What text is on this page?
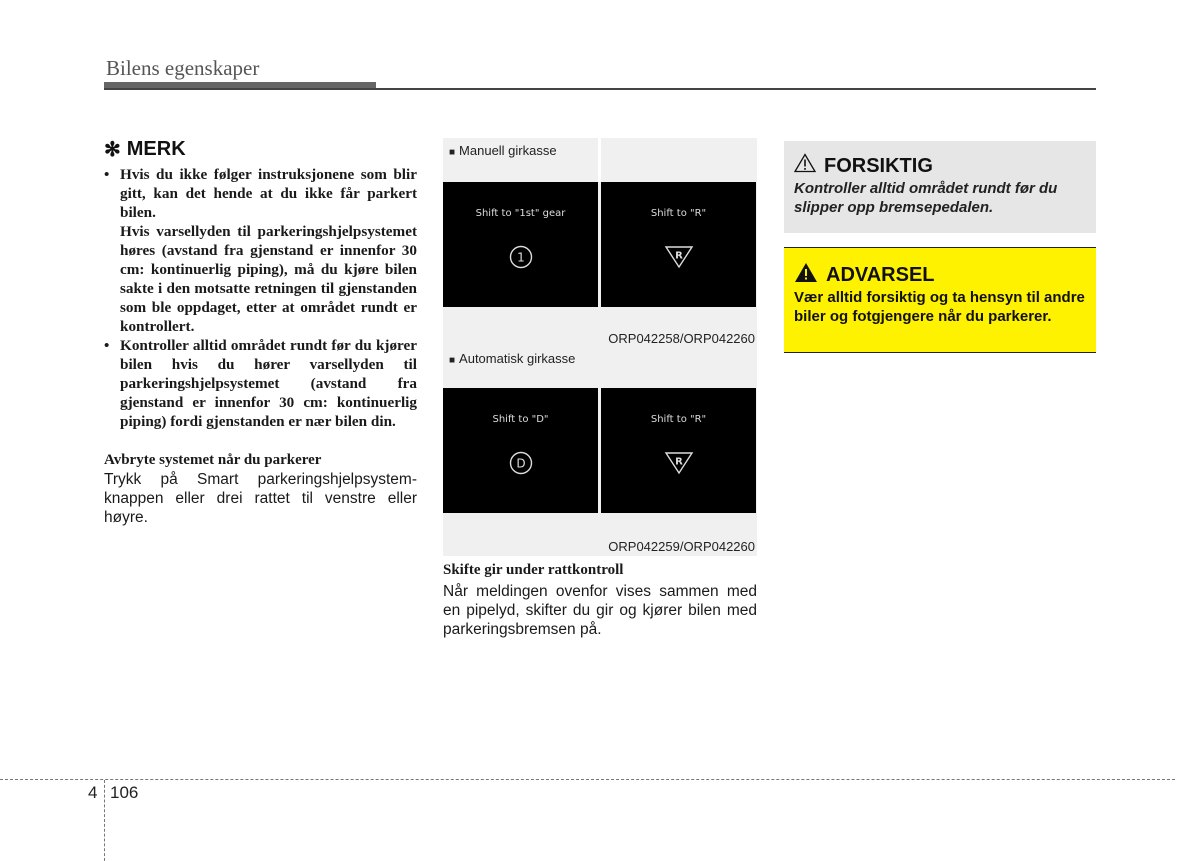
Bilens egenskaper
✻ MERK
• Hvis du ikke følger instruksjonene som blir gitt, kan det hende at du ikke får parkert bilen.

Hvis varsellyden til parkeringshjelpsystemet høres (avstand fra gjenstand er innenfor 30 cm: kontinuerlig piping), må du kjøre bilen sakte i den motsatte retningen til gjenstanden som ble oppdaget, etter at området rundt er kontrollert.

• Kontroller alltid området rundt før du kjører bilen hvis du hører varsellyden til parkeringshjelpsystemet (avstand fra gjenstand er innenfor 30 cm: kontinuerlig piping) fordi gjenstanden er nær bilen din.

Avbryte systemet når du parkerer
Trykk på Smart parkeringshjelpsystem-knappen eller drei rattet til venstre eller høyre.
■ Manuell girkasse
Shift to "1st" gear
1
Shift to "R"
R
ORP042258/ORP042260
■ Automatisk girkasse
Shift to "D"
D
Shift to "R"
R
ORP042259/ORP042260
Skifte gir under rattkontroll
Når meldingen ovenfor vises sammen med en pipelyd, skifter du gir og kjører bilen med parkeringsbremsen på.
FORSIKTIG
Kontroller alltid området rundt før du slipper opp bremsepedalen.
ADVARSEL
Vær alltid forsiktig og ta hensyn til andre biler og fotgjengere når du parkerer.
4 106
